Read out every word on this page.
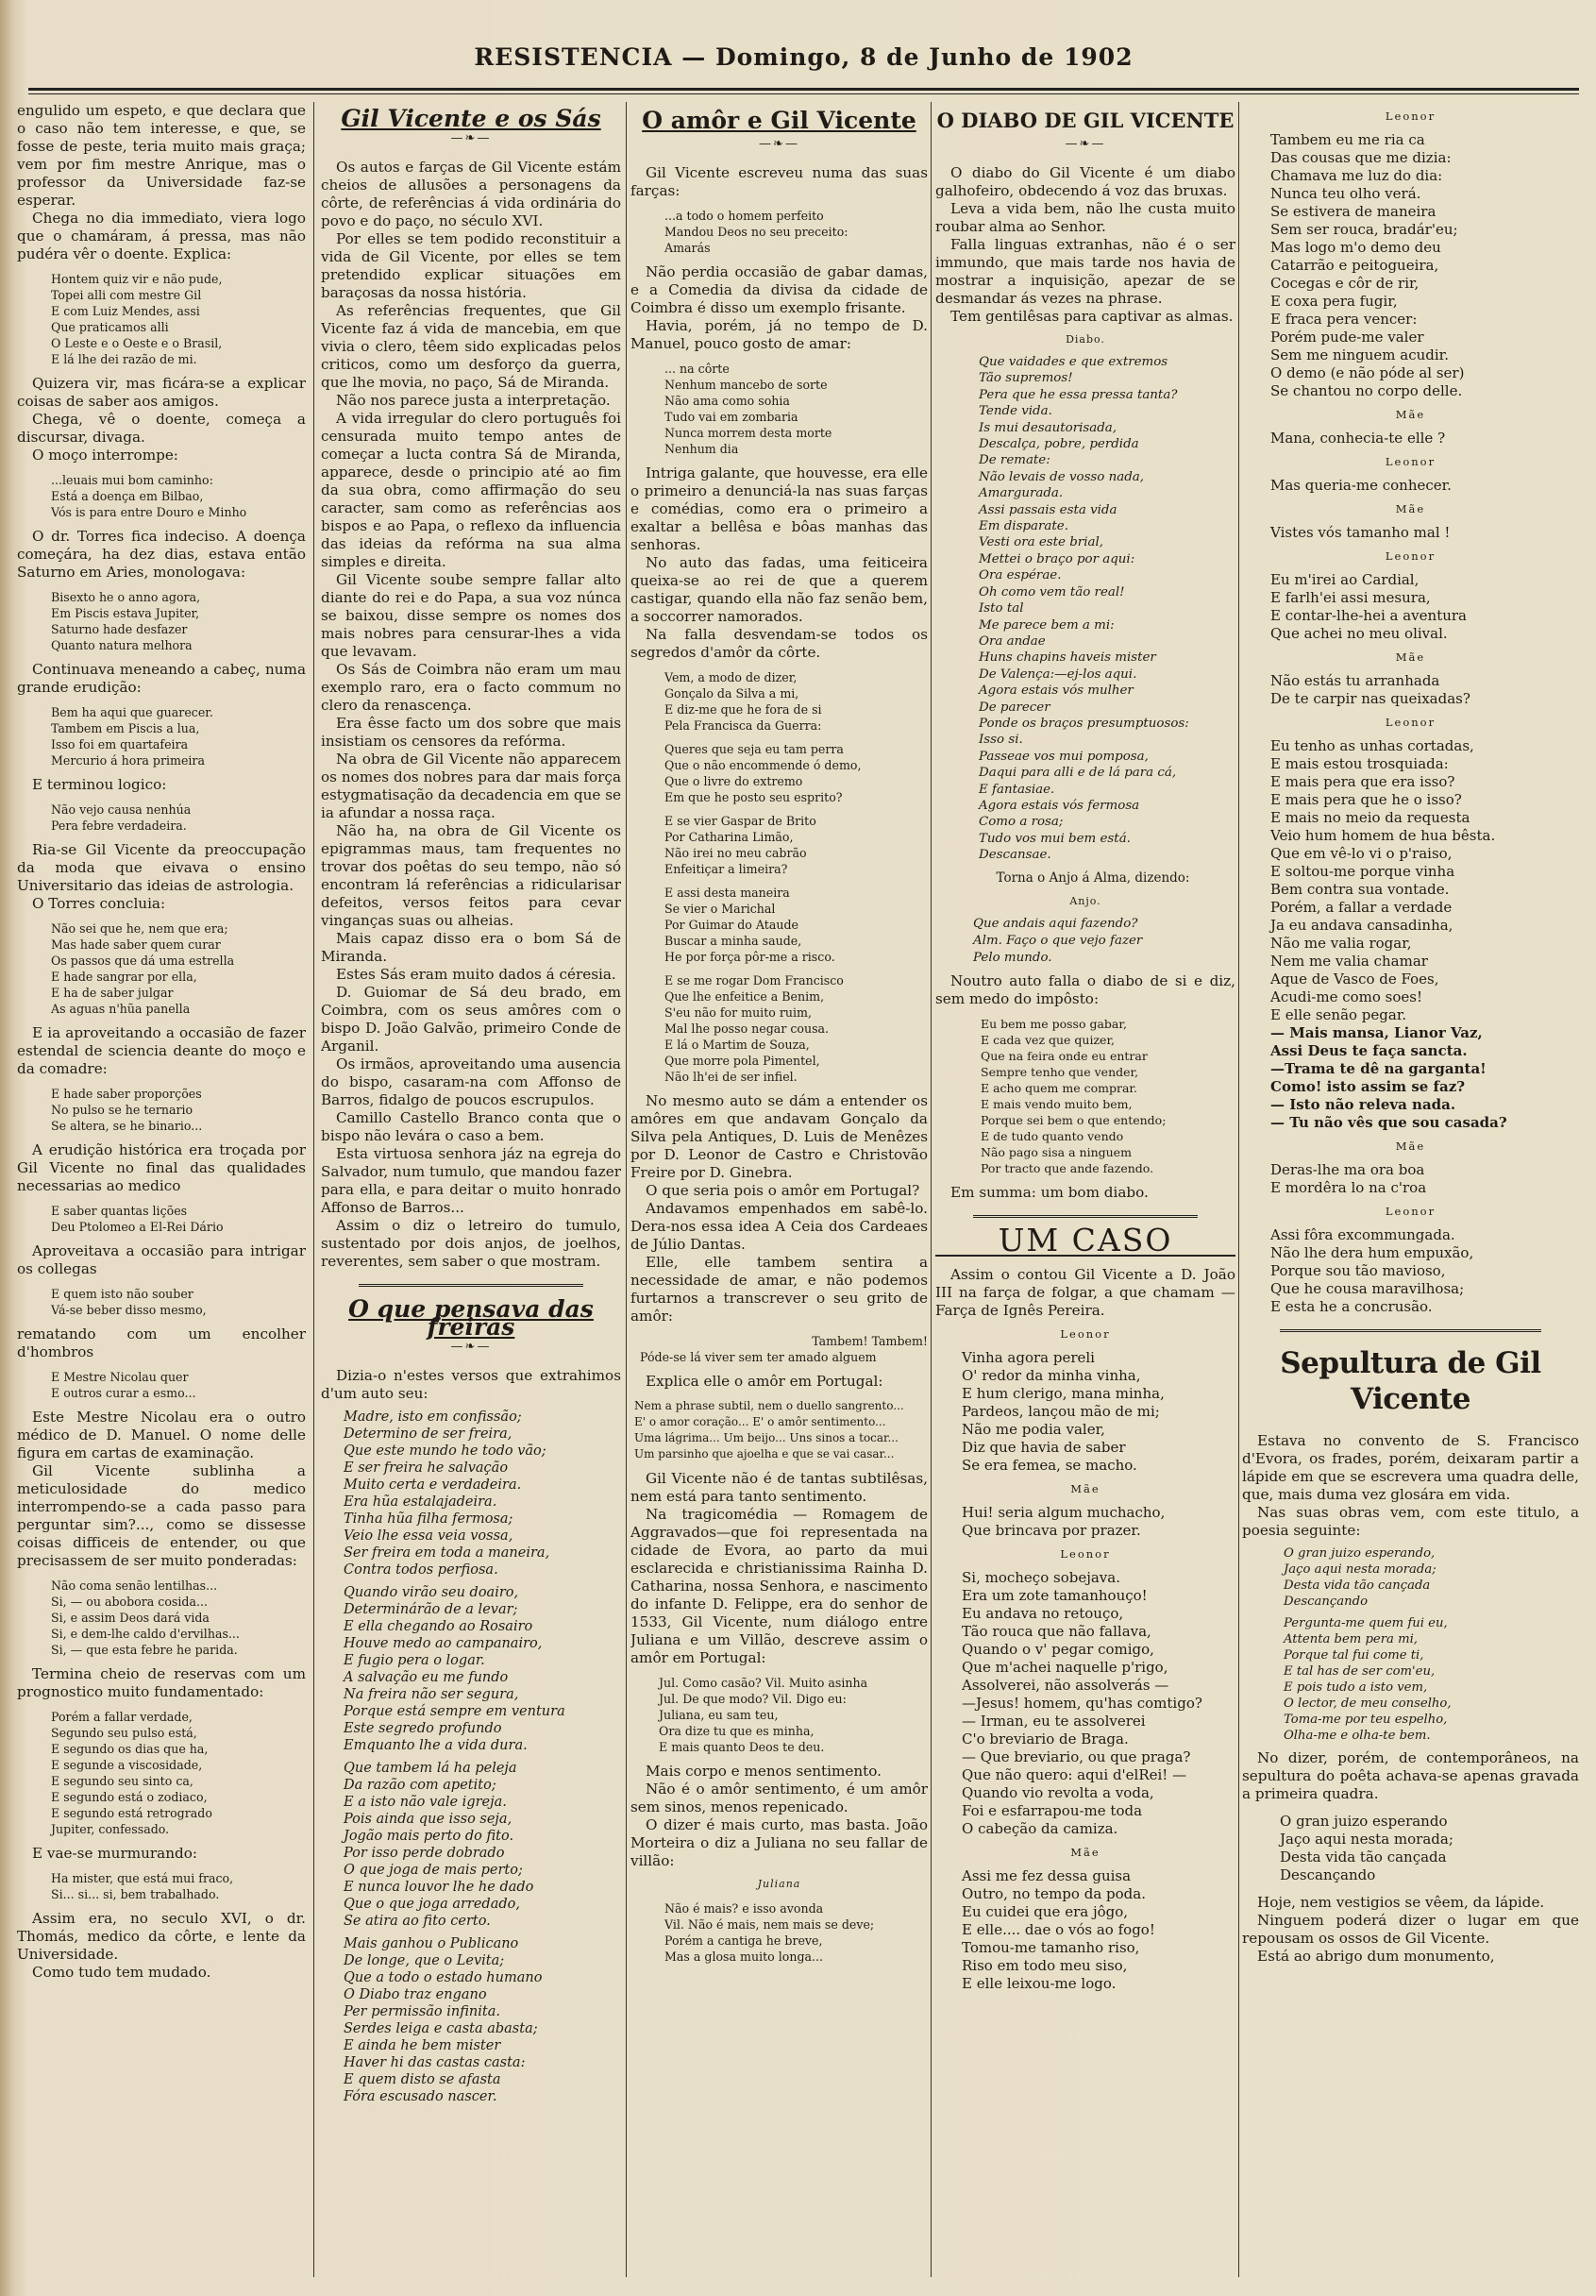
RESISTENCIA — Domingo, 8 de Junho de 1902

engulido um espeto, e que declara que o caso não tem interesse, e que, se fosse de peste, teria muito mais graça; vem por fim mestre Anrique, mas o professor da Universidade faz-se esperar.

Chega no dia immediato, viera logo que o chamáram, á pressa, mas não pudéra vêr o doente. Explica:

Hontem quiz vir e não pude,
Topei alli com mestre Gil
E com Luiz Mendes, assi
Que praticamos alli
O Leste e o Oeste e o Brasil,
E lá lhe dei razão de mi.

Quizera vir, mas ficára-se a explicar coisas de saber aos amigos.

Chega, vê o doente, começa a discursar, divaga.

O moço interrompe:

...leuais mui bom caminho:
Está a doença em Bilbao,
Vós is para entre Douro e Minho

O dr. Torres fica indeciso. A doença começára, ha dez dias, estava então Saturno em Aries, monologava:

Bisexto he o anno agora,
Em Piscis estava Jupiter,
Saturno hade desfazer
Quanto natura melhora

Continuava meneando a cabeç, numa grande erudição:

Bem ha aqui que guarecer.
Tambem em Piscis a lua,
Isso foi em quartafeira
Mercurio á hora primeira

E terminou logico:

Não vejo causa nenhúa
Pera febre verdadeira.

Ria-se Gil Vicente da preoccupação da moda que eivava o ensino Universitario das ideias de astrologia.

O Torres concluia:

Não sei que he, nem que era;
Mas hade saber quem curar
Os passos que dá uma estrella
E hade sangrar por ella,
E ha de saber julgar
As aguas n'hũa panella

E ia aproveitando a occasião de fazer estendal de sciencia deante do moço e da comadre:

E hade saber proporções
No pulso se he ternario
Se altera, se he binario...

A erudição histórica era troçada por Gil Vicente no final das qualidades necessarias ao medico

E saber quantas lições
Deu Ptolomeo a El-Rei Dário

Aproveitava a occasião para intrigar os collegas

E quem isto não souber
Vá-se beber disso mesmo,

rematando com um encolher d'hombros

E Mestre Nicolau quer
E outros curar a esmo...

Este Mestre Nicolau era o outro médico de D. Manuel. O nome delle figura em cartas de examinação.

Gil Vicente sublinha a meticulosidade do medico interrompendo-se a cada passo para perguntar sim?..., como se dissesse coisas difficeis de entender, ou que precisassem de ser muito ponderadas:

Não coma senão lentilhas...
Si, — ou abobora cosida...
Si, e assim Deos dará vida
Si, e dem-lhe caldo d'ervilhas...
Si, — que esta febre he parida.

Termina cheio de reservas com um prognostico muito fundamentado:

Porém a fallar verdade,
Segundo seu pulso está,
E segundo os dias que ha,
E segunde a viscosidade,
E segundo seu sinto ca,
E segundo está o zodiaco,
E segundo está retrogrado
Jupiter, confessado.

E vae-se murmurando:

Ha mister, que está mui fraco,
Si... si... si, bem trabalhado.

Assim era, no seculo XVI, o dr. Thomás, medico da côrte, e lente da Universidade.

Como tudo tem mudado.

Gil Vicente e os Sás
—❧—

Os autos e farças de Gil Vicente estám cheios de allusões a personagens da côrte, de referências á vida ordinária do povo e do paço, no século XVI.

Por elles se tem podido reconstituir a vida de Gil Vicente, por elles se tem pretendido explicar situações em baraçosas da nossa história.

As referências frequentes, que Gil Vicente faz á vida de mancebia, em que vivia o clero, têem sido explicadas pelos criticos, como um desforço da guerra, que lhe movia, no paço, Sá de Miranda.

Não nos parece justa a interpretação.

A vida irregular do clero português foi censurada muito tempo antes de começar a lucta contra Sá de Miranda, apparece, desde o principio até ao fim da sua obra, como affirmação do seu caracter, sam como as referências aos bispos e ao Papa, o reflexo da influencia das ideias da refórma na sua alma simples e direita.

Gil Vicente soube sempre fallar alto diante do rei e do Papa, a sua voz núnca se baixou, disse sempre os nomes dos mais nobres para censurar-lhes a vida que levavam.

Os Sás de Coimbra não eram um mau exemplo raro, era o facto commum no clero da renascença.

Era êsse facto um dos sobre que mais insistiam os censores da refórma.

Na obra de Gil Vicente não apparecem os nomes dos nobres para dar mais força estygmatisação da decadencia em que se ia afundar a nossa raça.

Não ha, na obra de Gil Vicente os epigrammas maus, tam frequentes no trovar dos poêtas do seu tempo, não só encontram lá referências a ridicularisar defeitos, versos feitos para cevar vinganças suas ou alheias.

Mais capaz disso era o bom Sá de Miranda.

Estes Sás eram muito dados á céresia.

D. Guiomar de Sá deu brado, em Coimbra, com os seus amôres com o bispo D. João Galvão, primeiro Conde de Arganil.

Os irmãos, aproveitando uma ausencia do bispo, casaram-na com Affonso de Barros, fidalgo de poucos escrupulos.

Camillo Castello Branco conta que o bispo não levára o caso a bem.

Esta virtuosa senhora jáz na egreja do Salvador, num tumulo, que mandou fazer para ella, e para deitar o muito honrado Affonso de Barros...

Assim o diz o letreiro do tumulo, sustentado por dois anjos, de joelhos, reverentes, sem saber o que mostram.

O que pensava das freiras
—❧—

Dizia-o n'estes versos que extrahimos d'um auto seu:

Madre, isto em confissão;
Determino de ser freira,
Que este mundo he todo vão;
E ser freira he salvação
Muito certa e verdadeira.
Era hũa estalajadeira.
Tinha hũa filha fermosa;
Veio lhe essa veia vossa,
Ser freira em toda a maneira,
Contra todos perfiosa.
Quando virão seu doairo,
Determinárão de a levar;
E ella chegando ao Rosairo
Houve medo ao campanairo,
E fugio pera o logar.
A salvação eu me fundo
Na freira não ser segura,
Porque está sempre em ventura
Este segredo profundo
Emquanto lhe a vida dura.
Que tambem lá ha peleja
Da razão com apetito;
E a isto não vale igreja.
Pois ainda que isso seja,
Jogão mais perto do fito.
Por isso perde dobrado
O que joga de mais perto;
E nunca louvor lhe he dado
Que o que joga arredado,
Se atira ao fito certo.
Mais ganhou o Publicano
De longe, que o Levita;
Que a todo o estado humano
O Diabo traz engano
Per permissão infinita.
Serdes leiga e casta abasta;
E ainda he bem mister
Haver hi das castas casta:
E quem disto se afasta
Fóra escusado nascer.
O amôr e Gil Vicente
—❧—

Gil Vicente escreveu numa das suas farças:

...a todo o homem perfeito
Mandou Deos no seu preceito:
Amarás

Não perdia occasião de gabar damas, e a Comedia da divisa da cidade de Coimbra é disso um exemplo frisante.

Havia, porém, já no tempo de D. Manuel, pouco gosto de amar:

... na côrte
Nenhum mancebo de sorte
Não ama como sohia
Tudo vai em zombaria
Nunca morrem desta morte
Nenhum dia

Intriga galante, que houvesse, era elle o primeiro a denunciá-la nas suas farças e comédias, como era o primeiro a exaltar a bellêsa e bôas manhas das senhoras.

No auto das fadas, uma feiticeira queixa-se ao rei de que a querem castigar, quando ella não faz senão bem, a soccorrer namorados.

Na falla desvendam-se todos os segredos d'amôr da côrte.

Vem, a modo de dizer,
Gonçalo da Silva a mi,
E diz-me que he fora de si
Pela Francisca da Guerra:
Queres que seja eu tam perra
Que o não encommende ó demo,
Que o livre do extremo
Em que he posto seu esprito?
E se vier Gaspar de Brito
Por Catharina Limão,
Não irei no meu cabrão
Enfeitiçar a limeira?
E assi desta maneira
Se vier o Marichal
Por Guimar do Ataude
Buscar a minha saude,
He por força pôr-me a risco.
E se me rogar Dom Francisco
Que lhe enfeitice a Benim,
S'eu não for muito ruim,
Mal lhe posso negar cousa.
E lá o Martim de Souza,
Que morre pola Pimentel,
Não lh'ei de ser infiel.

No mesmo auto se dám a entender os amôres em que andavam Gonçalo da Silva pela Antiques, D. Luis de Menêzes por D. Leonor de Castro e Christovão Freire por D. Ginebra.

O que seria pois o amôr em Portugal?

Andavamos empenhados em sabê-lo. Dera-nos essa idea A Ceia dos Cardeaes de Júlio Dantas.

Elle, elle tambem sentira a necessidade de amar, e não podemos furtarnos a transcrever o seu grito de amôr:

Tambem! Tambem!
Póde-se lá viver sem ter amado alguem

Explica elle o amôr em Portugal:

Nem a phrase subtil, nem o duello sangrento...
E' o amor coração... E' o amôr sentimento...
Uma lágrima... Um beijo... Uns sinos a tocar...
Um parsinho que ajoelha e que se vai casar...

Gil Vicente não é de tantas subtilêsas, nem está para tanto sentimento.

Na tragicomédia — Romagem de Aggravados—que foi representada na cidade de Evora, ao parto da mui esclarecida e christianissima Rainha D. Catharina, nossa Senhora, e nascimento do infante D. Felippe, era do senhor de 1533, Gil Vicente, num diálogo entre Juliana e um Villão, descreve assim o amôr em Portugal:

Jul. Como casão? Vil. Muito asinha
Jul. De que modo? Vil. Digo eu:
Juliana, eu sam teu,
Ora dize tu que es minha,
E mais quanto Deos te deu.

Mais corpo e menos sentimento.

Não é o amôr sentimento, é um amôr sem sinos, menos repenicado.

O dizer é mais curto, mas basta. João Morteira o diz a Juliana no seu fallar de villão:

Juliana
Não é mais? e isso avonda
Vil. Não é mais, nem mais se deve;
Porém a cantiga he breve,
Mas a glosa muito longa...
O DIABO DE GIL VICENTE
—❧—

O diabo do Gil Vicente é um diabo galhofeiro, obdecendo á voz das bruxas.

Leva a vida bem, não lhe custa muito roubar alma ao Senhor.

Falla linguas extranhas, não é o ser immundo, que mais tarde nos havia de mostrar a inquisição, apezar de se desmandar ás vezes na phrase.

Tem gentilêsas para captivar as almas.

Diabo.
Que vaidades e que extremos
Tão supremos!
Pera que he essa pressa tanta?
Tende vida.
Is mui desautorisada,
Descalça, pobre, perdida
De remate:
Não levais de vosso nada,
Amargurada.
Assi passais esta vida
Em disparate.
Vesti ora este brial,
Mettei o braço por aqui:
Ora espérae.
Oh como vem tão real!
Isto tal
Me parece bem a mi:
Ora andae
Huns chapins haveis mister
De Valença:—ej-los aqui.
Agora estais vós mulher
De parecer
Ponde os braços presumptuosos:
Isso si.
Passeae vos mui pomposa,
Daqui para alli e de lá para cá,
E fantasiae.
Agora estais vós fermosa
Como a rosa;
Tudo vos mui bem está.
Descansae.

Torna o Anjo á Alma, dizendo:

Anjo.
Que andais aqui fazendo?
Alm. Faço o que vejo fazer
Pelo mundo.

Noutro auto falla o diabo de si e diz, sem medo do impôsto:

Eu bem me posso gabar,
E cada vez que quizer,
Que na feira onde eu entrar
Sempre tenho que vender,
E acho quem me comprar.
E mais vendo muito bem,
Porque sei bem o que entendo;
E de tudo quanto vendo
Não pago sisa a ninguem
Por tracto que ande fazendo.

Em summa: um bom diabo.

UM CASO

Assim o contou Gil Vicente a D. João III na farça de folgar, a que chamam — Farça de Ignês Pereira.

Leonor
Vinha agora pereli
O' redor da minha vinha,
E hum clerigo, mana minha,
Pardeos, lançou mão de mi;
Não me podia valer,
Diz que havia de saber
Se era femea, se macho.
Mãe
Hui! seria algum muchacho,
Que brincava por prazer.
Leonor
Si, mocheço sobejava.
Era um zote tamanhouço!
Eu andava no retouço,
Tão rouca que não fallava,
Quando o v' pegar comigo,
Que m'achei naquelle p'rigo,
Assolverei, não assolverás —
—Jesus! homem, qu'has comtigo?
— Irman, eu te assolverei
C'o breviario de Braga.
— Que breviario, ou que praga?
Que não quero: aqui d'elRei! —
Quando vio revolta a voda,
Foi e esfarrapou-me toda
O cabeção da camiza.
Mãe
Assi me fez dessa guisa
Outro, no tempo da poda.
Eu cuidei que era jôgo,
E elle.... dae o vós ao fogo!
Tomou-me tamanho riso,
Riso em todo meu siso,
E elle leixou-me logo.
Leonor
Tambem eu me ria ca
Das cousas que me dizia:
Chamava me luz do dia:
Nunca teu olho verá.
Se estivera de maneira
Sem ser rouca, bradár'eu;
Mas logo m'o demo deu
Catarrão e peitogueira,
Cocegas e côr de rir,
E coxa pera fugir,
E fraca pera vencer:
Porém pude-me valer
Sem me ninguem acudir.
O demo (e não póde al ser)
Se chantou no corpo delle.
Mãe
Mana, conhecia-te elle ?
Leonor
Mas queria-me conhecer.
Mãe
Vistes vós tamanho mal !
Leonor
Eu m'irei ao Cardial,
E farlh'ei assi mesura,
E contar-lhe-hei a aventura
Que achei no meu olival.
Mãe
Não estás tu arranhada
De te carpir nas queixadas?
Leonor
Eu tenho as unhas cortadas,
E mais estou trosquiada:
E mais pera que era isso?
E mais pera que he o isso?
E mais no meio da requesta
Veio hum homem de hua bêsta.
Que em vê-lo vi o p'raiso,
E soltou-me porque vinha
Bem contra sua vontade.
Porém, a fallar a verdade
Ja eu andava cansadinha,
Não me valia rogar,
Nem me valia chamar
Aque de Vasco de Foes,
Acudi-me como soes!
E elle senão pegar.
— Mais mansa, Lianor Vaz,
Assi Deus te faça sancta.
—Trama te dê na garganta!
Como! isto assim se faz?
— Isto não releva nada.
— Tu não vês que sou casada?
Mãe
Deras-lhe ma ora boa
E mordêra lo na c'roa
Leonor
Assi fôra excommungada.
Não lhe dera hum empuxão,
Porque sou tão mavioso,
Que he cousa maravilhosa;
E esta he a concrusão.
Sepultura de Gil Vicente

Estava no convento de S. Francisco d'Evora, os frades, porém, deixaram partir a lápide em que se escrevera uma quadra delle, que, mais duma vez glosára em vida.

Nas suas obras vem, com este titulo, a poesia seguinte:

O gran juizo esperando,
Jaço aqui nesta morada;
Desta vida tão cançada
Descançando
Pergunta-me quem fui eu,
Attenta bem pera mi,
Porque tal fui come ti,
E tal has de ser com'eu,
E pois tudo a isto vem,
O lector, de meu conselho,
Toma-me por teu espelho,
Olha-me e olha-te bem.

No dizer, porém, de contemporâneos, na sepultura do poêta achava-se apenas gravada a primeira quadra.

O gran juizo esperando
Jaço aqui nesta morada;
Desta vida tão cançada
Descançando

Hoje, nem vestigios se vêem, da lápide.

Ninguem poderá dizer o lugar em que repousam os ossos de Gil Vicente.

Está ao abrigo dum monumento,
